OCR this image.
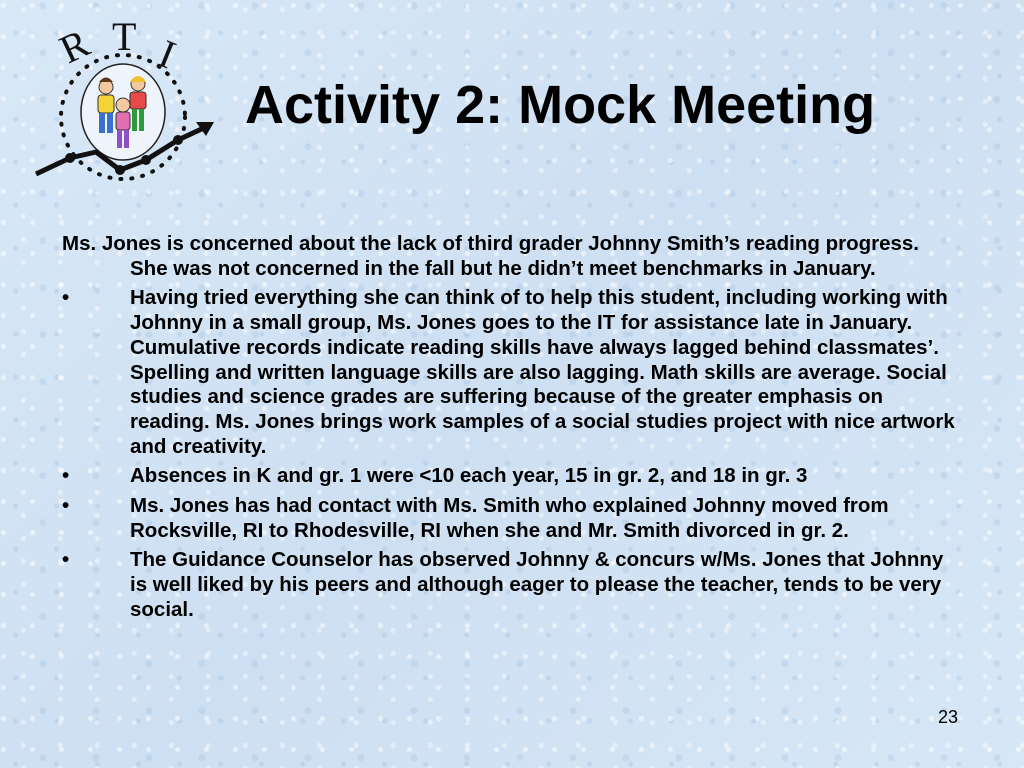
R T I
Activity 2: Mock Meeting

Ms. Jones is concerned about the lack of third grader Johnny Smith’s reading progress. She was not concerned in the fall but he didn’t meet benchmarks in January.

•	Having tried everything she can think of to help this student, including working with Johnny in a small group, Ms. Jones goes to the IT for assistance late in January. Cumulative records indicate reading skills have always lagged behind classmates’. Spelling and written language skills are also lagging. Math skills are average. Social studies and science grades are suffering because of the greater emphasis on reading. Ms. Jones brings work samples of a social studies project with nice artwork and creativity.
•	Absences in K and gr. 1 were <10 each year, 15 in gr. 2, and 18 in gr. 3
•	Ms. Jones has had contact with Ms. Smith who explained Johnny moved from Rocksville, RI to Rhodesville, RI when she and Mr. Smith divorced in gr. 2.
•	The Guidance Counselor has observed Johnny & concurs w/Ms. Jones that Johnny is well liked by his peers and although eager to please the teacher, tends to be very social.
23
